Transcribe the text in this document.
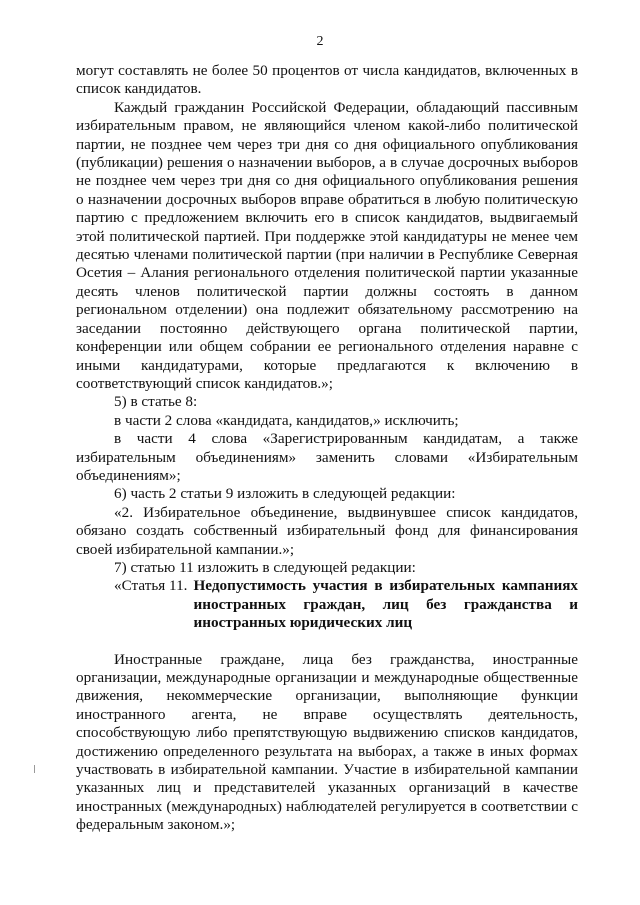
2

могут составлять не более 50 процентов от числа кандидатов, включенных в список кандидатов.

Каждый гражданин Российской Федерации, обладающий пассивным избирательным правом, не являющийся членом какой-либо политической партии, не позднее чем через три дня со дня официального опубликования (публикации) решения о назначении выборов, а в случае досрочных выборов не позднее чем через три дня со дня официального опубликования решения о назначении досрочных выборов вправе обратиться в любую политическую партию с предложением включить его в список кандидатов, выдвигаемый этой политической партией. При поддержке этой кандидатуры не менее чем десятью членами политической партии (при наличии в Республике Северная Осетия – Алания регионального отделения политической партии указанные десять членов политической партии должны состоять в данном региональном отделении) она подлежит обязательному рассмотрению на заседании постоянно действующего органа политической партии, конференции или общем собрании ее регионального отделения наравне с иными кандидатурами, которые предлагаются к включению в соответствующий список кандидатов.»;

5) в статье 8:

в части 2 слова «кандидата, кандидатов,» исключить;

в части 4 слова «Зарегистрированным кандидатам, а также избирательным объединениям» заменить словами «Избирательным объединениям»;

6) часть 2 статьи 9 изложить в следующей редакции:

«2. Избирательное объединение, выдвинувшее список кандидатов, обязано создать собственный избирательный фонд для финансирования своей избирательной кампании.»;

7) статью 11 изложить в следующей редакции:

«Статья 11. Недопустимость участия в избирательных кампаниях иностранных граждан, лиц без гражданства и иностранных юридических лиц

Иностранные граждане, лица без гражданства, иностранные организации, международные организации и международные общественные движения, некоммерческие организации, выполняющие функции иностранного агента, не вправе осуществлять деятельность, способствующую либо препятствующую выдвижению списков кандидатов, достижению определенного результата на выборах, а также в иных формах участвовать в избирательной кампании. Участие в избирательной кампании указанных лиц и представителей указанных организаций в качестве иностранных (международных) наблюдателей регулируется в соответствии с федеральным законом.»;
